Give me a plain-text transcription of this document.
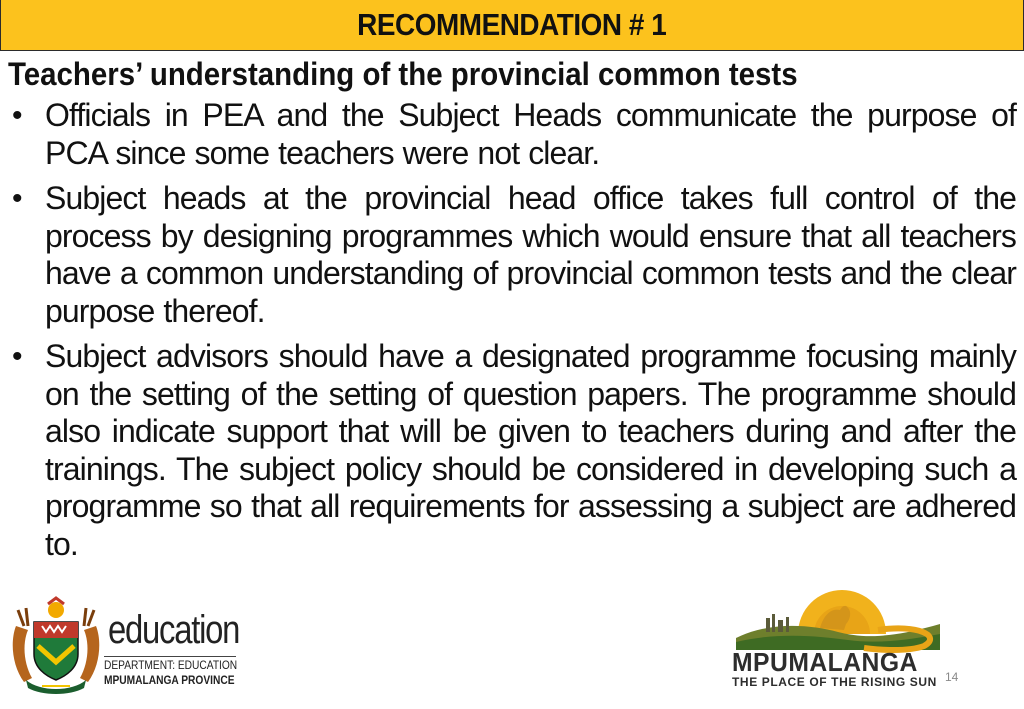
RECOMMENDATION # 1
Teachers’ understanding of the provincial common tests
• Officials in PEA and the Subject Heads communicate the purpose of PCA since some teachers were not clear.
• Subject heads at the provincial head office takes full control of the process by designing programmes which would ensure that all teachers have a common understanding of provincial common tests and the clear purpose thereof.
• Subject advisors should have a designated programme focusing mainly on the setting of the setting of question papers. The programme should also indicate support that will be given to teachers during and after the trainings. The subject policy should be considered in developing such a programme so that all requirements for assessing a subject are adhered to.
education
DEPARTMENT: EDUCATION
MPUMALANGA PROVINCE
MPUMALANGA
THE PLACE OF THE RISING SUN 14
